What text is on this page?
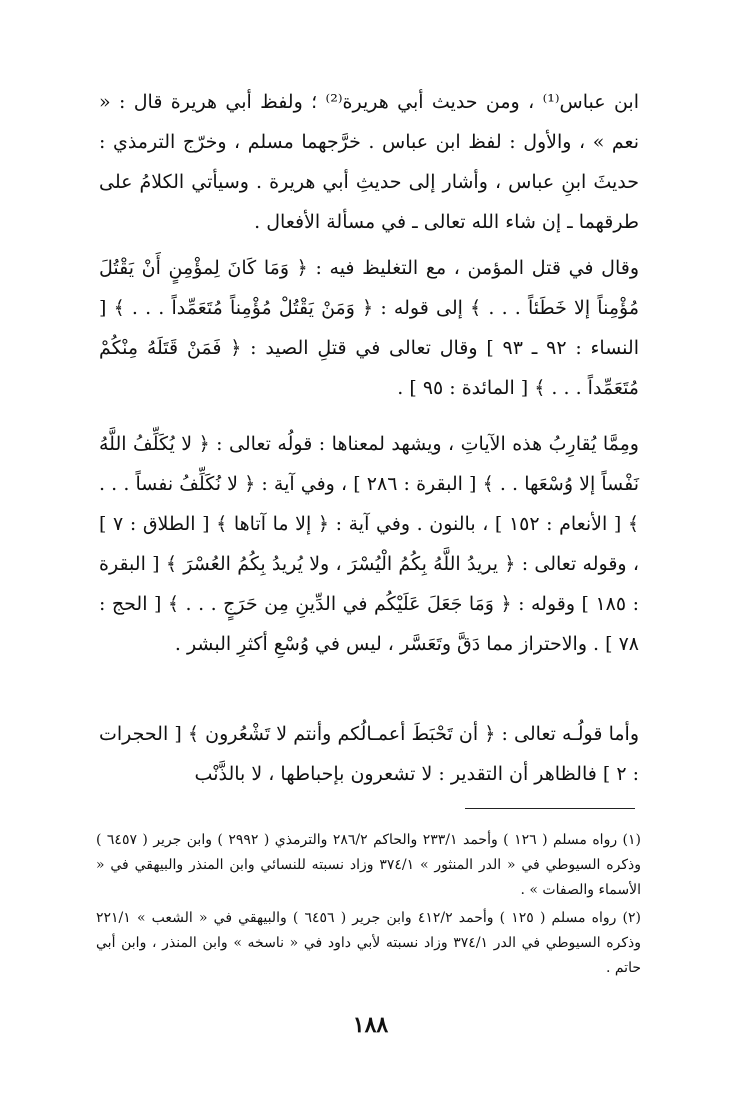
ابن عباس⁽¹⁾ ، ومن حديث أبي هريرة⁽²⁾ ؛ ولفظ أبي هريرة قال : « نعم » ، والأول : لفظ ابن عباس . خرَّجهما مسلم ، وخرّج الترمذي : حديثَ ابنِ عباس ، وأشار إلى حديثِ أبي هريرة . وسيأتي الكلامُ على طرقهما ـ إن شاء الله تعالى ـ في مسألة الأفعال .

وقال في قتل المؤمن ، مع التغليظ فيه : ﴿ وَمَا كَانَ لِمؤْمِنٍ أَنْ يَقْتُلَ مُؤْمِناً إلا خَطَئاً . . . ﴾ إلى قوله : ﴿ وَمَنْ يَقْتُلْ مُؤْمِناً مُتَعَمِّداً . . . ﴾ [ النساء : ٩٢ ـ ٩٣ ] وقال تعالى في قتلِ الصيد : ﴿ فَمَنْ قَتَلَهُ مِنْكُمْ مُتَعَمِّداً . . . ﴾ [ المائدة : ٩٥ ] .

ومِمَّا يُقارِبُ هذه الآياتِ ، ويشهد لمعناها : قولُه تعالى : ﴿ لا يُكَلِّفُ اللَّهُ نَفْساً إلا وُسْعَها . . ﴾ [ البقرة : ٢٨٦ ] ، وفي آية : ﴿ لا نُكَلِّفُ نفساً . . . ﴾ [ الأنعام : ١٥٢ ] ، بالنون . وفي آية : ﴿ إلا ما آتاها ﴾ [ الطلاق : ٧ ] ، وقوله تعالى : ﴿ يريدُ اللَّهُ بِكُمُ الْيُسْرَ ، ولا يُريدُ بِكُمُ العُسْرَ ﴾ [ البقرة : ١٨٥ ] وقوله : ﴿ وَمَا جَعَلَ عَلَيْكُم في الدِّينِ مِن حَرَجٍ . . . ﴾ [ الحج : ٧٨ ] . والاحتراز مما دَقَّ وتَعَسَّر ، ليس في وُسْعِ أكثرِ البشر .

وأما قولُـه تعالى : ﴿ أن تَحْبَطَ أعمـالُكم وأنتم لا تَشْعُرون ﴾ [ الحجرات : ٢ ] فالظاهر أن التقدير : لا تشعرون بإحباطها ، لا بالذَّنْب

(١) رواه مسلم ( ١٢٦ ) وأحمد ٢٣٣/١ والحاكم ٢٨٦/٢ والترمذي ( ٢٩٩٢ ) وابن جرير ( ٦٤٥٧ ) وذكره السيوطي في « الدر المنثور » ٣٧٤/١ وزاد نسبته للنسائي وابن المنذر والبيهقي في « الأسماء والصفات » .

(٢) رواه مسلم ( ١٢٥ ) وأحمد ٤١٢/٢ وابن جرير ( ٦٤٥٦ ) والبيهقي في « الشعب » ٢٢١/١ وذكره السيوطي في الدر ٣٧٤/١ وزاد نسبته لأبي داود في « ناسخه » وابن المنذر ، وابن أبي حاتم .

١٨٨
